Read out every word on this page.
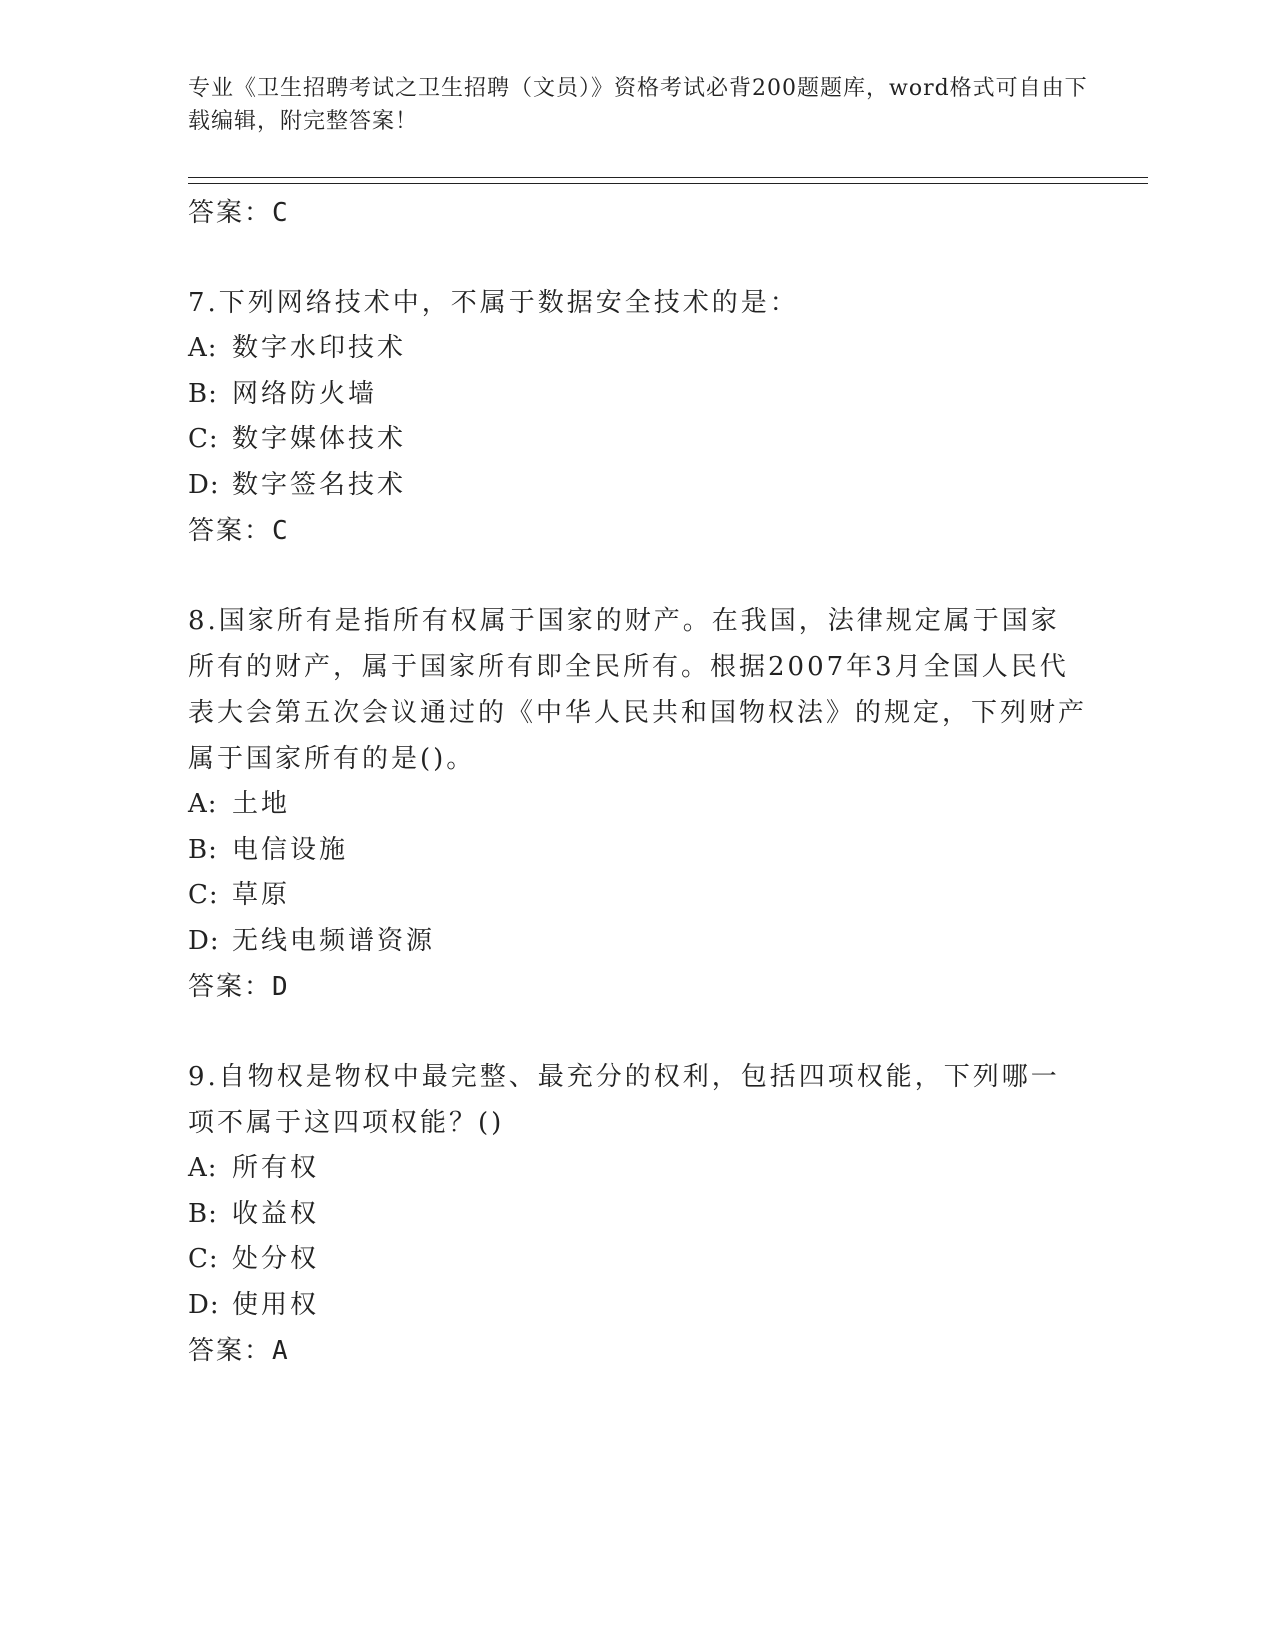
专业《卫生招聘考试之卫生招聘（文员）》资格考试必背200题题库，word格式可自由下载编辑，附完整答案！

答案：C

7.下列网络技术中，不属于数据安全技术的是：

A: 数字水印技术

B: 网络防火墙

C: 数字媒体技术

D: 数字签名技术

答案：C

8.国家所有是指所有权属于国家的财产。在我国，法律规定属于国家所有的财产，属于国家所有即全民所有。根据2007年3月全国人民代表大会第五次会议通过的《中华人民共和国物权法》的规定，下列财产属于国家所有的是()。

A: 土地

B: 电信设施

C: 草原

D: 无线电频谱资源

答案：D

9.自物权是物权中最完整、最充分的权利，包括四项权能，下列哪一项不属于这四项权能？()

A: 所有权

B: 收益权

C: 处分权

D: 使用权

答案：A
